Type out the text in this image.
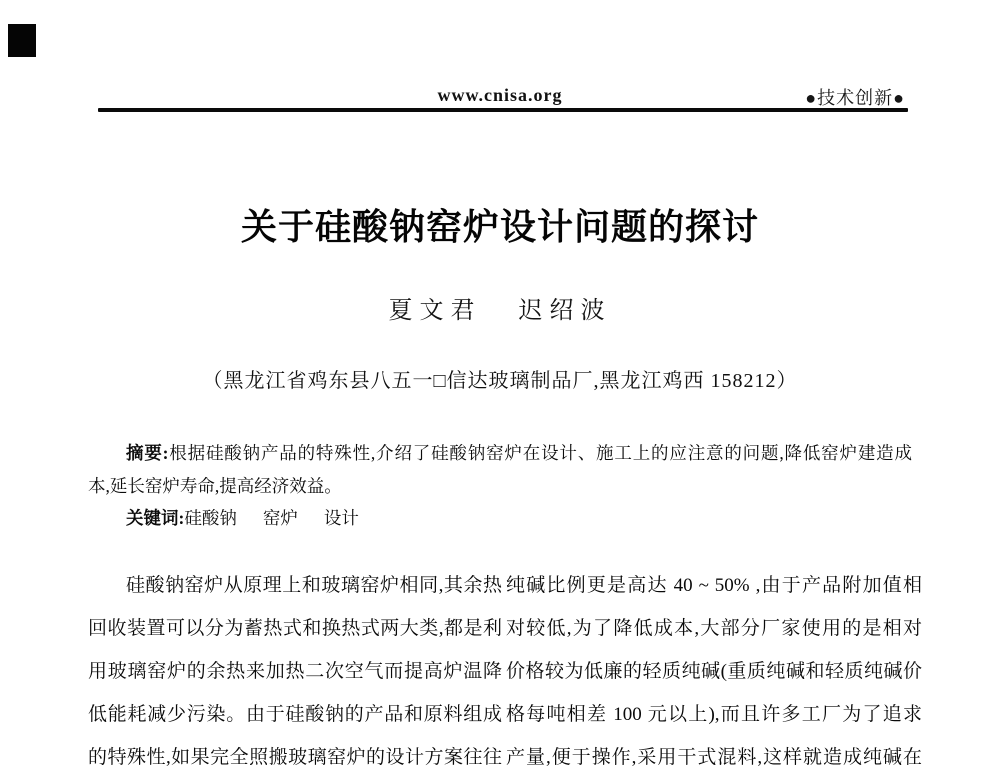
www.cnisa.org	●技术创新●
关于硅酸钠窑炉设计问题的探讨
夏文君 迟绍波
（黑龙江省鸡东县八五一□信达玻璃制品厂,黑龙江鸡西 158212）
摘要:根据硅酸钠产品的特殊性,介绍了硅酸钠窑炉在设计、施工上的应注意的问题,降低窑炉建造成
本,延长窑炉寿命,提高经济效益。
关键词:硅酸钠 窑炉 设计
硅酸钠窑炉从原理上和玻璃窑炉相同,其余热
回收装置可以分为蓄热式和换热式两大类,都是利
用玻璃窑炉的余热来加热二次空气而提高炉温降
低能耗减少污染。由于硅酸钠的产品和原料组成
的特殊性,如果完全照搬玻璃窑炉的设计方案往往
纯碱比例更是高达 40 ~ 50% ,由于产品附加值相
对较低,为了降低成本,大部分厂家使用的是相对
价格较为低廉的轻质纯碱(重质纯碱和轻质纯碱价
格每吨相差 100 元以上),而且许多工厂为了追求
产量,便于操作,采用干式混料,这样就造成纯碱在
